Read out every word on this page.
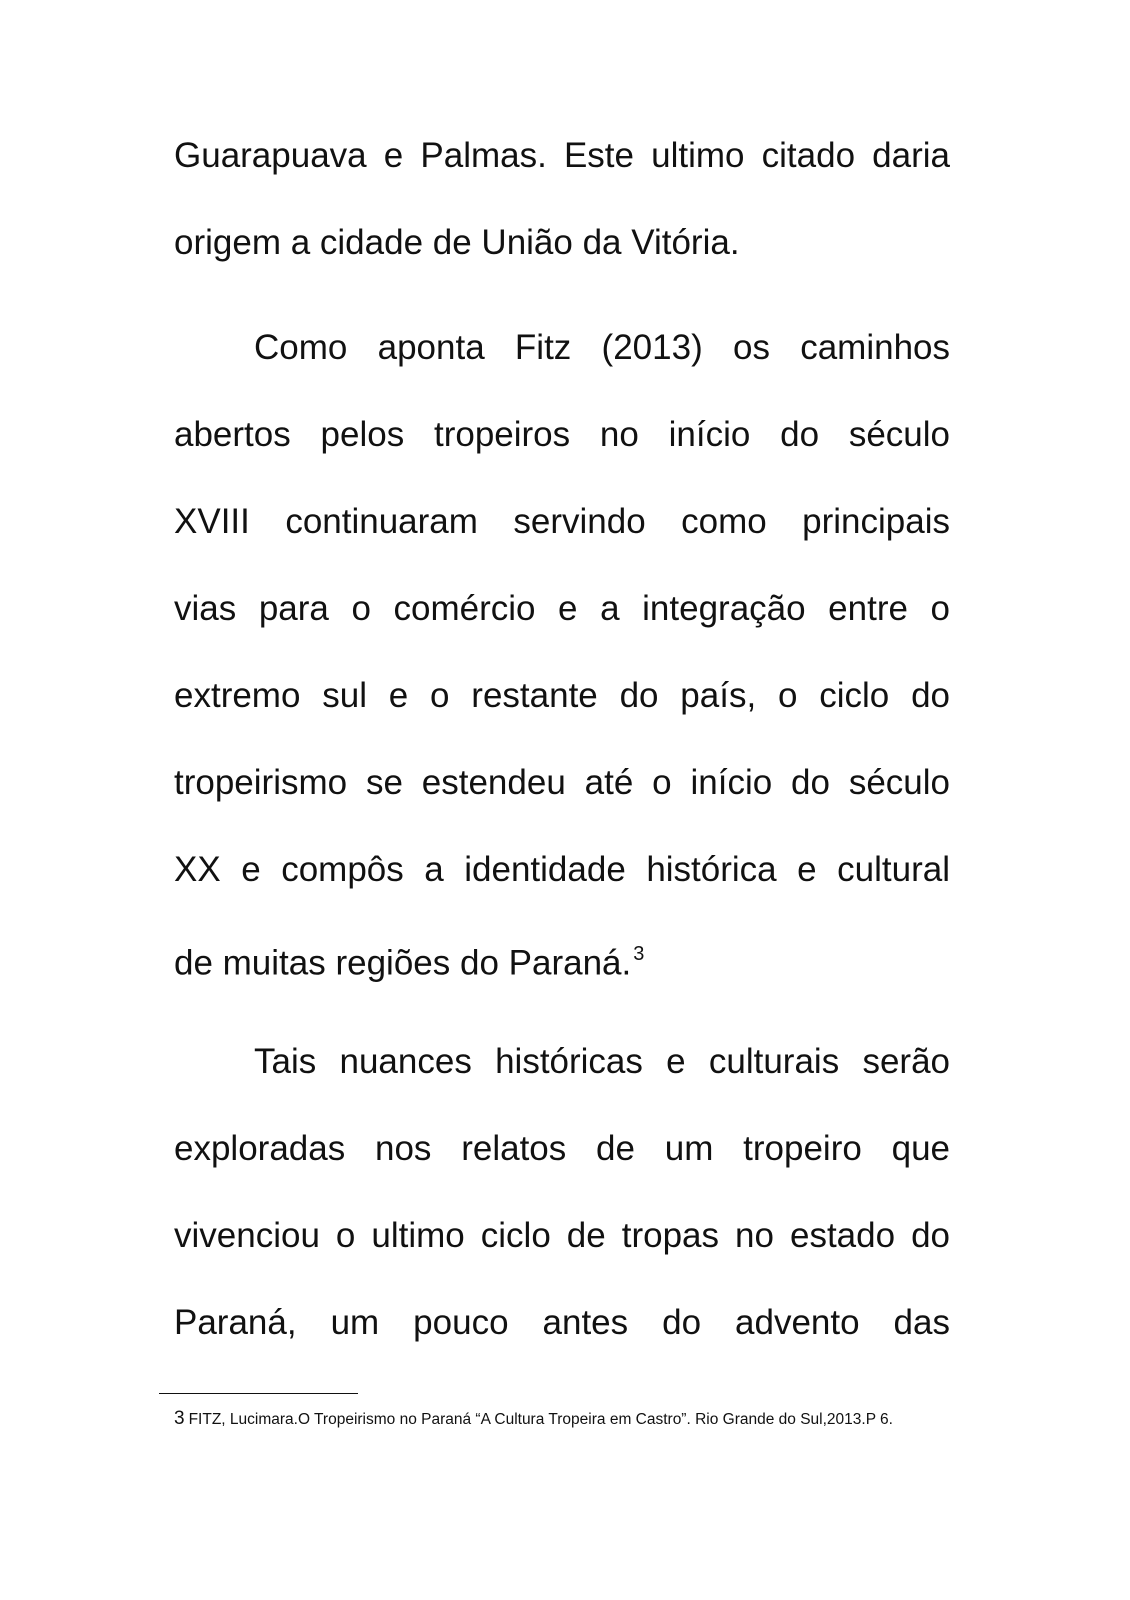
Guarapuava e Palmas. Este ultimo citado daria
origem a cidade de União da Vitória.
Como aponta Fitz (2013) os caminhos
abertos pelos tropeiros no início do século
XVIII continuaram servindo como principais
vias para o comércio e a integração entre o
extremo sul e o restante do país, o ciclo do
tropeirismo se estendeu até o início do século
XX e compôs a identidade histórica e cultural
de muitas regiões do Paraná. $^3$
Tais nuances históricas e culturais serão
exploradas nos relatos de um tropeiro que
vivenciou o ultimo ciclo de tropas no estado do
Paraná, um pouco antes do advento das
3 FITZ, Lucimara.O Tropeirismo no Paraná “A Cultura Tropeira em Castro”. Rio Grande do Sul,2013.P 6.
